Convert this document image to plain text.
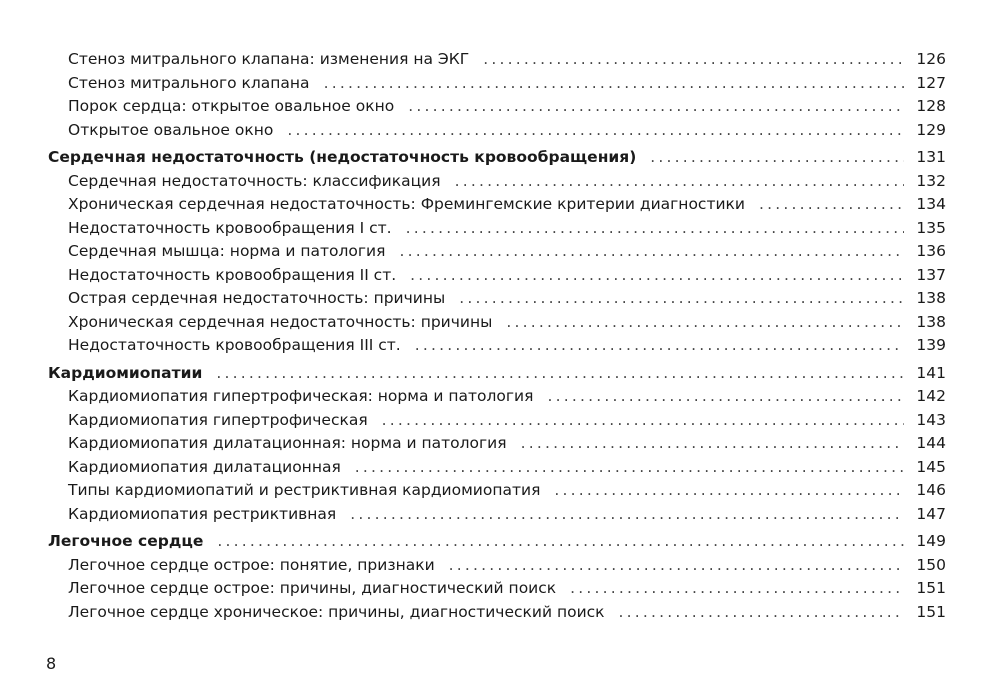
Стеноз митрального клапана: изменения на ЭКГ .....	126
Стеноз митрального клапана .....	127
Порок сердца: открытое овальное окно .....	128
Открытое овальное окно .....	129
Сердечная недостаточность (недостаточность кровообращения) .....	131
Сердечная недостаточность: классификация .....	132
Хроническая сердечная недостаточность: Фремингемские критерии диагностики .....	134
Недостаточность кровообращения I ст. .....	135
Сердечная мышца: норма и патология .....	136
Недостаточность кровообращения II ст. .....	137
Острая сердечная недостаточность: причины .....	138
Хроническая сердечная недостаточность: причины .....	138
Недостаточность кровообращения III ст. .....	139
Кардиомиопатии .....	141
Кардиомиопатия гипертрофическая: норма и патология .....	142
Кардиомиопатия гипертрофическая .....	143
Кардиомиопатия дилатационная: норма и патология .....	144
Кардиомиопатия дилатационная .....	145
Типы кардиомиопатий и рестриктивная кардиомиопатия .....	146
Кардиомиопатия рестриктивная .....	147
Легочное сердце .....	149
Легочное сердце острое: понятие, признаки .....	150
Легочное сердце острое: причины, диагностический поиск .....	151
Легочное сердце хроническое: причины, диагностический поиск .....	151
8
